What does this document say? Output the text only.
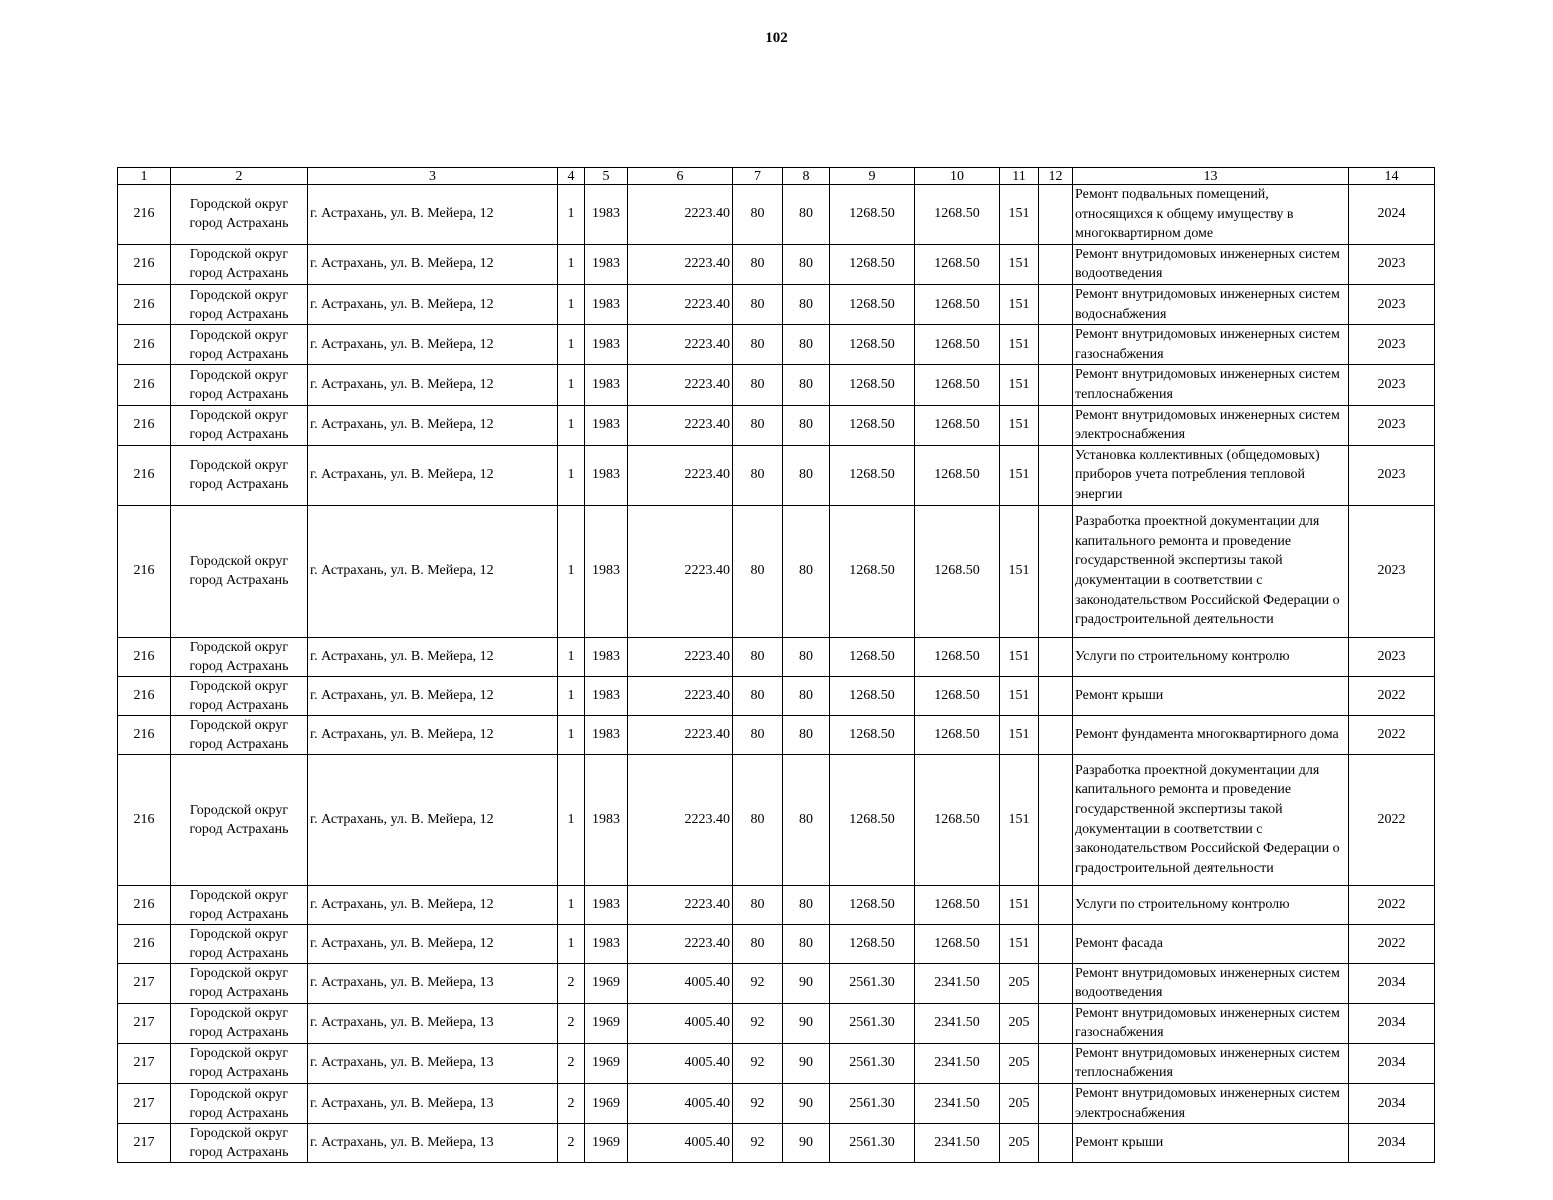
102
1	2	3	4	5	6	7	8	9	10	11	12	13	14
216	Городской округ город Астрахань	г. Астрахань, ул. В. Мейера, 12	1	1983	2223.40	80	80	1268.50	1268.50	151		Ремонт подвальных помещений, относящихся к общему имуществу в многоквартирном доме	2024
216	Городской округ город Астрахань	г. Астрахань, ул. В. Мейера, 12	1	1983	2223.40	80	80	1268.50	1268.50	151		Ремонт внутридомовых инженерных систем водоотведения	2023
216	Городской округ город Астрахань	г. Астрахань, ул. В. Мейера, 12	1	1983	2223.40	80	80	1268.50	1268.50	151		Ремонт внутридомовых инженерных систем водоснабжения	2023
216	Городской округ город Астрахань	г. Астрахань, ул. В. Мейера, 12	1	1983	2223.40	80	80	1268.50	1268.50	151		Ремонт внутридомовых инженерных систем газоснабжения	2023
216	Городской округ город Астрахань	г. Астрахань, ул. В. Мейера, 12	1	1983	2223.40	80	80	1268.50	1268.50	151		Ремонт внутридомовых инженерных систем теплоснабжения	2023
216	Городской округ город Астрахань	г. Астрахань, ул. В. Мейера, 12	1	1983	2223.40	80	80	1268.50	1268.50	151		Ремонт внутридомовых инженерных систем электроснабжения	2023
216	Городской округ город Астрахань	г. Астрахань, ул. В. Мейера, 12	1	1983	2223.40	80	80	1268.50	1268.50	151		Установка коллективных (общедомовых) приборов учета потребления тепловой энергии	2023
216	Городской округ город Астрахань	г. Астрахань, ул. В. Мейера, 12	1	1983	2223.40	80	80	1268.50	1268.50	151		Разработка проектной документации для капитального ремонта и проведение государственной экспертизы такой документации в соответствии с законодательством Российской Федерации о градостроительной деятельности	2023
216	Городской округ город Астрахань	г. Астрахань, ул. В. Мейера, 12	1	1983	2223.40	80	80	1268.50	1268.50	151		Услуги по строительному контролю	2023
216	Городской округ город Астрахань	г. Астрахань, ул. В. Мейера, 12	1	1983	2223.40	80	80	1268.50	1268.50	151		Ремонт крыши	2022
216	Городской округ город Астрахань	г. Астрахань, ул. В. Мейера, 12	1	1983	2223.40	80	80	1268.50	1268.50	151		Ремонт фундамента многоквартирного дома	2022
216	Городской округ город Астрахань	г. Астрахань, ул. В. Мейера, 12	1	1983	2223.40	80	80	1268.50	1268.50	151		Разработка проектной документации для капитального ремонта и проведение государственной экспертизы такой документации в соответствии с законодательством Российской Федерации о градостроительной деятельности	2022
216	Городской округ город Астрахань	г. Астрахань, ул. В. Мейера, 12	1	1983	2223.40	80	80	1268.50	1268.50	151		Услуги по строительному контролю	2022
216	Городской округ город Астрахань	г. Астрахань, ул. В. Мейера, 12	1	1983	2223.40	80	80	1268.50	1268.50	151		Ремонт фасада	2022
217	Городской округ город Астрахань	г. Астрахань, ул. В. Мейера, 13	2	1969	4005.40	92	90	2561.30	2341.50	205		Ремонт внутридомовых инженерных систем водоотведения	2034
217	Городской округ город Астрахань	г. Астрахань, ул. В. Мейера, 13	2	1969	4005.40	92	90	2561.30	2341.50	205		Ремонт внутридомовых инженерных систем газоснабжения	2034
217	Городской округ город Астрахань	г. Астрахань, ул. В. Мейера, 13	2	1969	4005.40	92	90	2561.30	2341.50	205		Ремонт внутридомовых инженерных систем теплоснабжения	2034
217	Городской округ город Астрахань	г. Астрахань, ул. В. Мейера, 13	2	1969	4005.40	92	90	2561.30	2341.50	205		Ремонт внутридомовых инженерных систем электроснабжения	2034
217	Городской округ город Астрахань	г. Астрахань, ул. В. Мейера, 13	2	1969	4005.40	92	90	2561.30	2341.50	205		Ремонт крыши	2034
